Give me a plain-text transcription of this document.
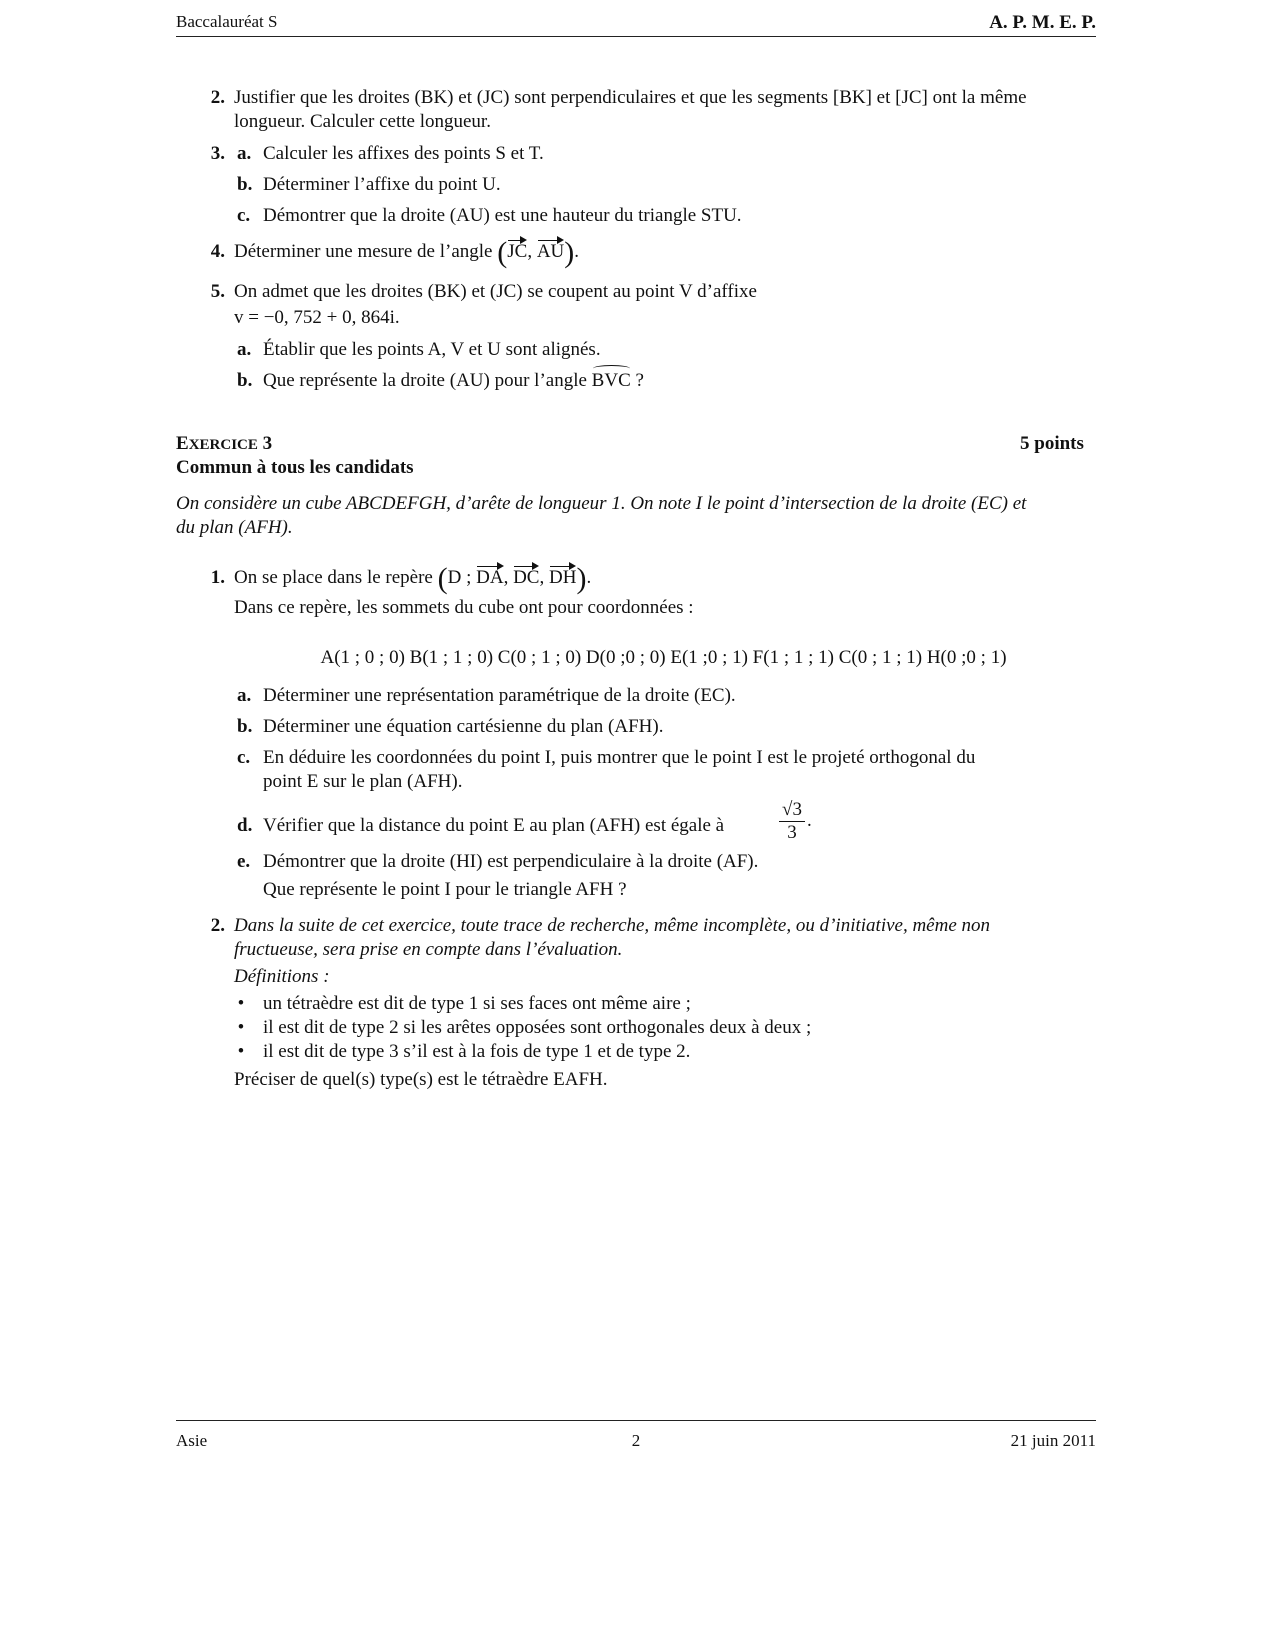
Baccalauréat S	A. P. M. E. P.
2. Justifier que les droites (BK) et (JC) sont perpendiculaires et que les segments [BK] et [JC] ont la même
longueur. Calculer cette longueur.
3. a. Calculer les affixes des points S et T.
b. Déterminer l’affixe du point U.
c. Démontrer que la droite (AU) est une hauteur du triangle STU.
4. Déterminer une mesure de l’angle (JC, AU).
5. On admet que les droites (BK) et (JC) se coupent au point V d’affixe
v = −0, 752 + 0, 864i.
a. Établir que les points A, V et U sont alignés.
b. Que représente la droite (AU) pour l’angle BVC ?
EXERCICE 3	5 points
Commun à tous les candidats
On considère un cube ABCDEFGH, d’arête de longueur 1. On note I le point d’intersection de la droite (EC) et
du plan (AFH).
1. On se place dans le repère (D ; DA, DC, DH).
Dans ce repère, les sommets du cube ont pour coordonnées :
A(1 ; 0 ; 0) B(1 ; 1 ; 0) C(0 ; 1 ; 0) D(0 ;0 ; 0) E(1 ;0 ; 1) F(1 ; 1 ; 1) C(0 ; 1 ; 1) H(0 ;0 ; 1)
a. Déterminer une représentation paramétrique de la droite (EC).
b. Déterminer une équation cartésienne du plan (AFH).
c. En déduire les coordonnées du point I, puis montrer que le point I est le projeté orthogonal du
point E sur le plan (AFH).
d. Vérifier que la distance du point E au plan (AFH) est égale à	$\frac{√3}{3}$ .
e. Démontrer que la droite (HI) est perpendiculaire à la droite (AF).
Que représente le point I pour le triangle AFH ?
2. Dans la suite de cet exercice, toute trace de recherche, même incomplète, ou d’initiative, même non
fructueuse, sera prise en compte dans l’évaluation.
Définitions :
• un tétraèdre est dit de type 1 si ses faces ont même aire ;
• il est dit de type 2 si les arêtes opposées sont orthogonales deux à deux ;
• il est dit de type 3 s’il est à la fois de type 1 et de type 2.
Préciser de quel(s) type(s) est le tétraèdre EAFH.
Asie	2	21 juin 2011
